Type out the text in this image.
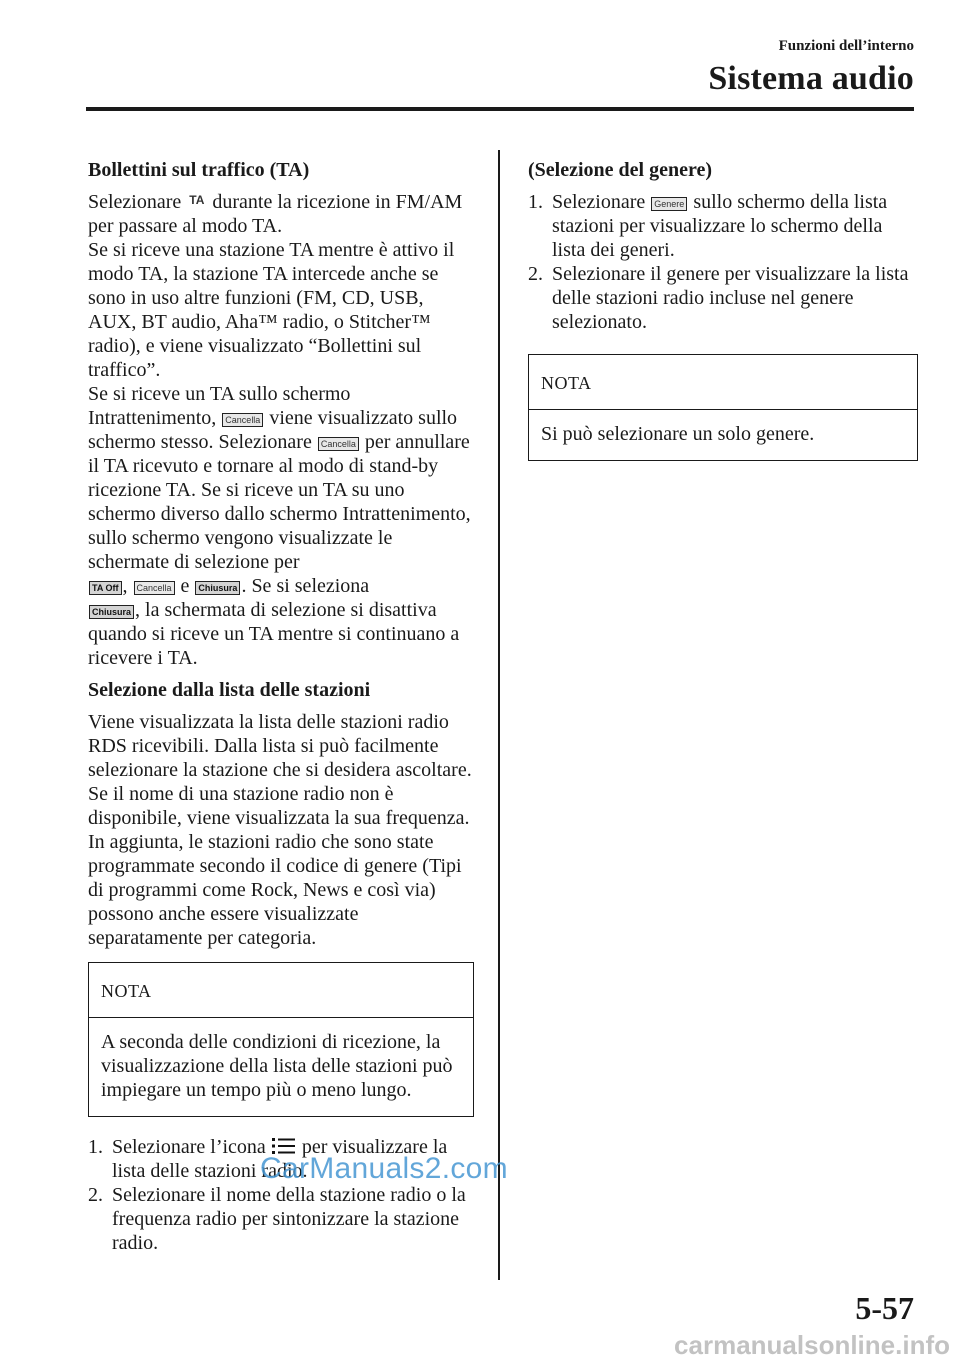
Funzioni dell’interno
Sistema audio
Bollettini sul traffico (TA)
Selezionare TA durante la ricezione in FM/AM per passare al modo TA.
Se si riceve una stazione TA mentre è attivo il modo TA, la stazione TA intercede anche se sono in uso altre funzioni (FM, CD, USB, AUX, BT audio, Aha™ radio, o Stitcher™ radio), e viene visualizzato “Bollettini sul traffico”.
Se si riceve un TA sullo schermo Intrattenimento, Cancella viene visualizzato sullo schermo stesso. Selezionare Cancella per annullare il TA ricevuto e tornare al modo di stand-by ricezione TA. Se si riceve un TA su uno schermo diverso dallo schermo Intrattenimento, sullo schermo vengono visualizzate le schermate di selezione per
TA Off , Cancella e Chiusura . Se si seleziona
Chiusura , la schermata di selezione si disattiva quando si riceve un TA mentre si continuano a ricevere i TA.
Selezione dalla lista delle stazioni
Viene visualizzata la lista delle stazioni radio RDS ricevibili. Dalla lista si può facilmente selezionare la stazione che si desidera ascoltare. Se il nome di una stazione radio non è disponibile, viene visualizzata la sua frequenza. In aggiunta, le stazioni radio che sono state programmate secondo il codice di genere (Tipi di programmi come Rock, News e così via) possono anche essere visualizzate separatamente per categoria.
NOTA
A seconda delle condizioni di ricezione, la visualizzazione della lista delle stazioni può impiegare un tempo più o meno lungo.
1. Selezionare l’icona per visualizzare la lista delle stazioni radio.
2. Selezionare il nome della stazione radio o la frequenza radio per sintonizzare la stazione radio.
(Selezione del genere)
1. Selezionare Genere sullo schermo della lista stazioni per visualizzare lo schermo della lista dei generi.
2. Selezionare il genere per visualizzare la lista delle stazioni radio incluse nel genere selezionato.
NOTA
Si può selezionare un solo genere.
CarManuals2.com
5-57
carmanualsonline.info
